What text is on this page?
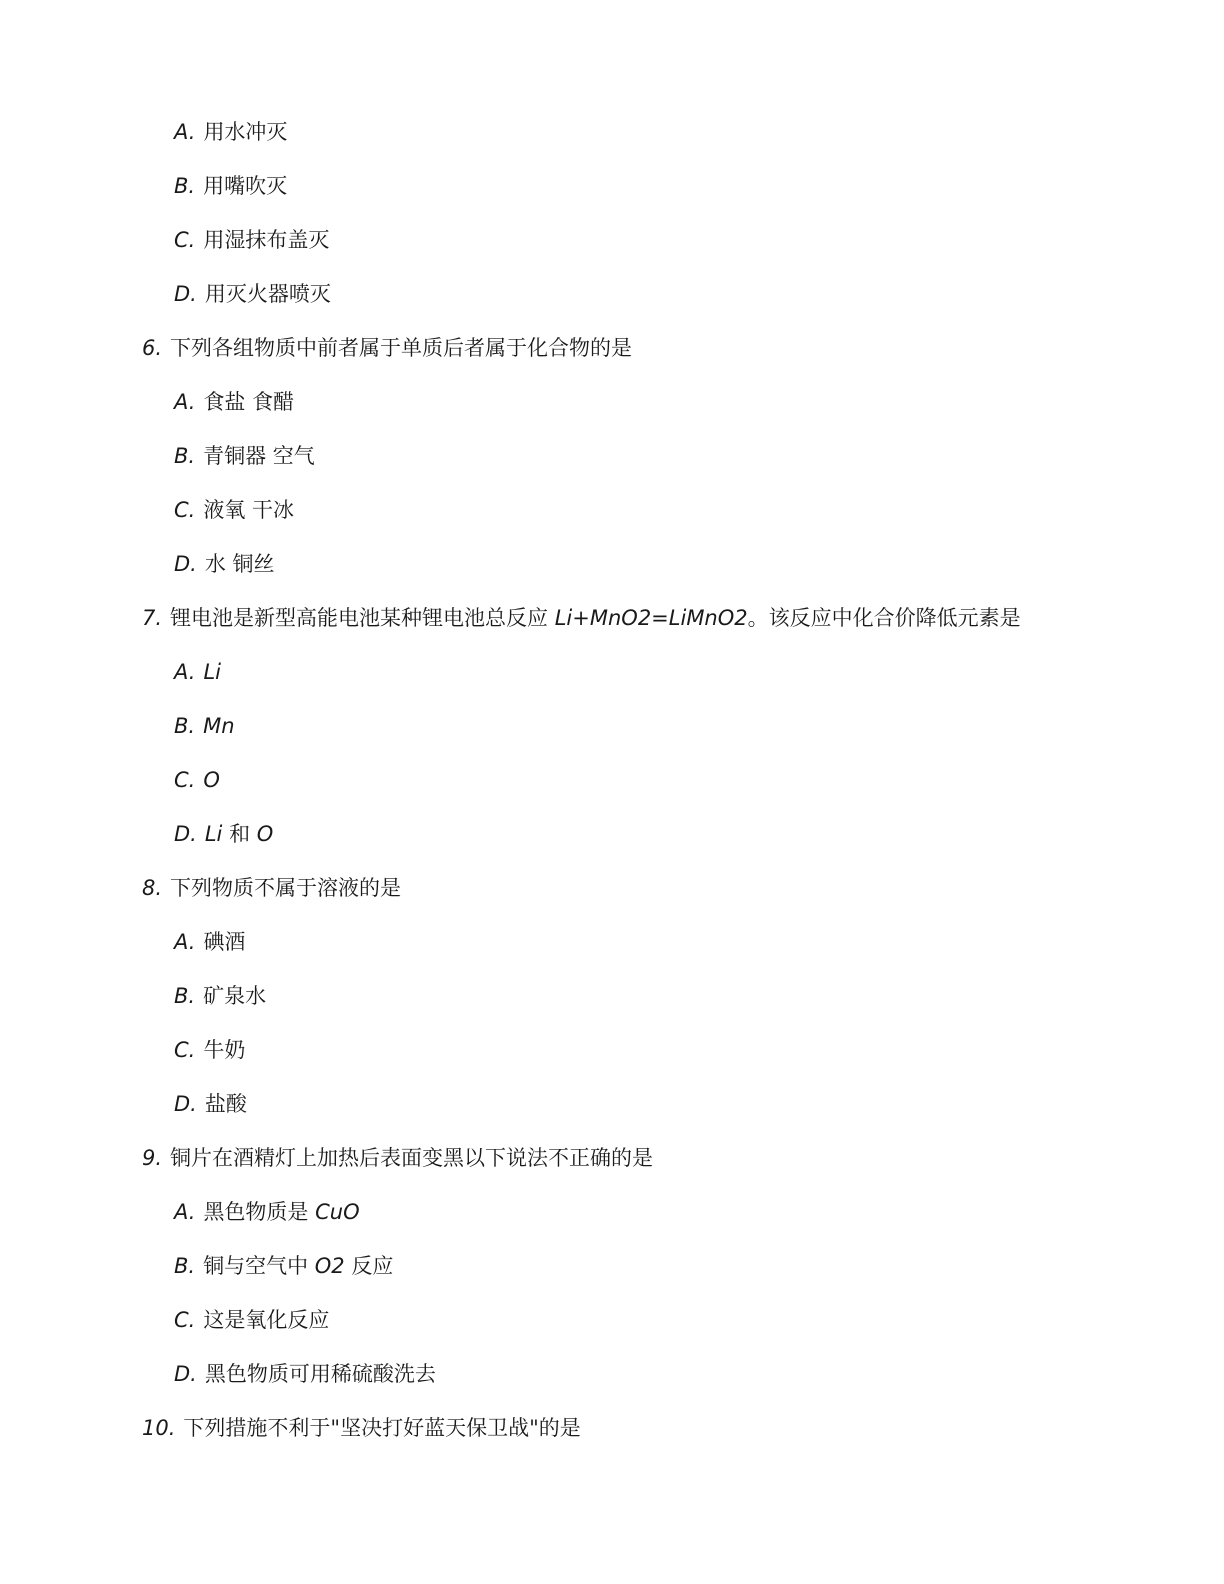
A. 用水冲灭
B. 用嘴吹灭
C. 用湿抹布盖灭
D. 用灭火器喷灭
6. 下列各组物质中前者属于单质后者属于化合物的是
A. 食盐 食醋
B. 青铜器 空气
C. 液氧 干冰
D. 水 铜丝
7. 锂电池是新型高能电池某种锂电池总反应 Li+MnO2=LiMnO2。该反应中化合价降低元素是
A. Li
B. Mn
C. O
D. Li 和 O
8. 下列物质不属于溶液的是
A. 碘酒
B. 矿泉水
C. 牛奶
D. 盐酸
9. 铜片在酒精灯上加热后表面变黑以下说法不正确的是
A. 黑色物质是 CuO
B. 铜与空气中 O2 反应
C. 这是氧化反应
D. 黑色物质可用稀硫酸洗去
10. 下列措施不利于"坚决打好蓝天保卫战"的是
